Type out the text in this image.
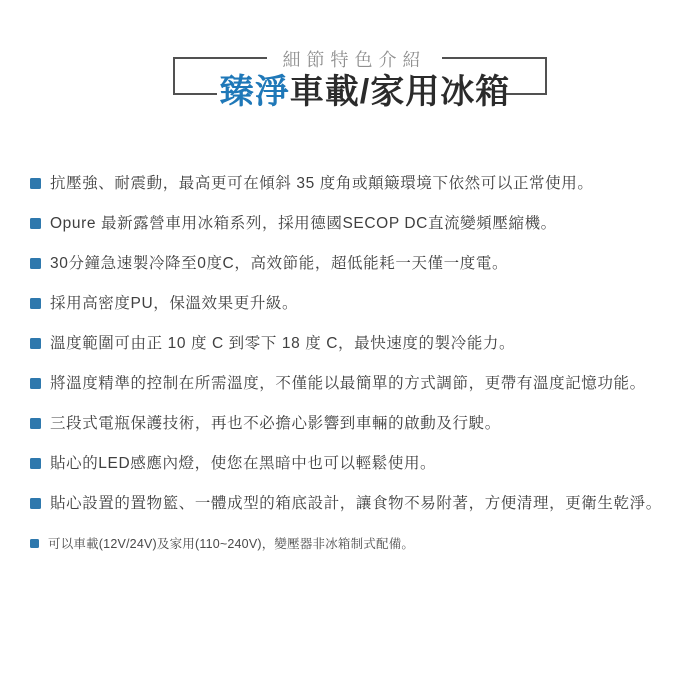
細節特色介紹
臻淨車載/家用冰箱
抗壓強、耐震動，最高更可在傾斜 35 度角或顛簸環境下依然可以正常使用。
Opure 最新露營車用冰箱系列，採用德國SECOP DC直流變頻壓縮機。
30分鐘急速製冷降至0度C，高效節能，超低能耗一天僅一度電。
採用高密度PU，保溫效果更升級。
溫度範圍可由正 10 度 C 到零下 18 度 C，最快速度的製冷能力。
將溫度精準的控制在所需溫度，不僅能以最簡單的方式調節，更帶有溫度記憶功能。
三段式電瓶保護技術，再也不必擔心影響到車輛的啟動及行駛。
貼心的LED感應內燈，使您在黑暗中也可以輕鬆使用。
貼心設置的置物籃、一體成型的箱底設計，讓食物不易附著，方便清理，更衛生乾淨。
可以車載(12V/24V)及家用(110~240V)，變壓器非冰箱制式配備。
